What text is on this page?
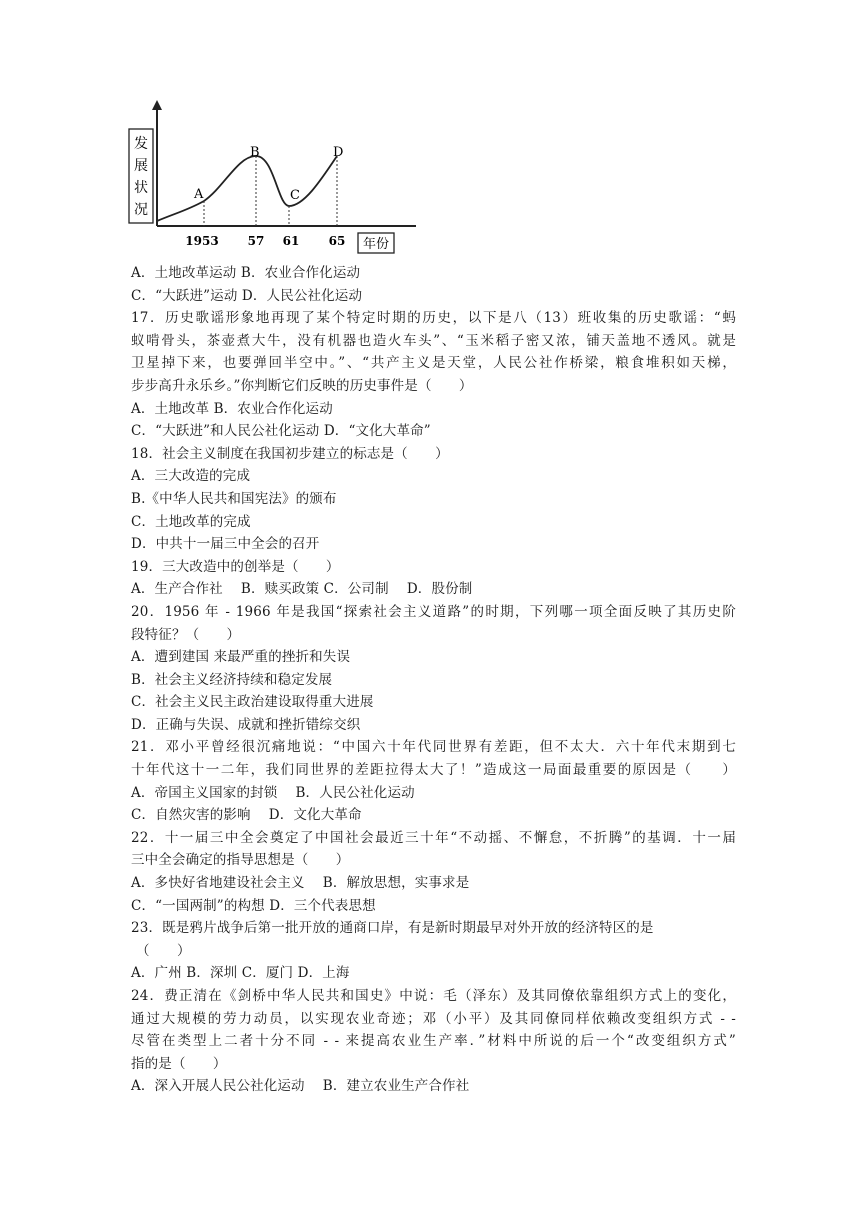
发
展
状
况
A
B
C
D
1953 57 61 65 年份
A．土地改革运动 B．农业合作化运动
C．“大跃进”运动 D．人民公社化运动
17．历史歌谣形象地再现了某个特定时期的历史，以下是八（13）班收集的历史歌谣：“蚂
蚁啃骨头，茶壶煮大牛，没有机器也造火车头”、“玉米稻子密又浓，铺天盖地不透风。就是
卫星掉下来，也要弹回半空中。”、“共产主义是天堂，人民公社作桥梁，粮食堆积如天梯，
步步高升永乐乡。”你判断它们反映的历史事件是（　　）
A．土地改革 B．农业合作化运动
C．“大跃进”和人民公社化运动 D．“文化大革命”
18．社会主义制度在我国初步建立的标志是（　　）
A．三大改造的完成
B.《中华人民共和国宪法》的颁布
C．土地改革的完成
D．中共十一届三中全会的召开
19．三大改造中的创举是（　　）
A．生产合作社　 B．赎买政策 C．公司制　 D．股份制
20．1956 年 - 1966 年是我国“探索社会主义道路”的时期，下列哪一项全面反映了其历史阶
段特征？（　　）
A．遭到建国 来最严重的挫折和失误
B．社会主义经济持续和稳定发展
C．社会主义民主政治建设取得重大进展
D．正确与失误、成就和挫折错综交织
21．邓小平曾经很沉痛地说：“中国六十年代同世界有差距，但不太大．六十年代末期到七
十年代这十一二年，我们同世界的差距拉得太大了！”造成这一局面最重要的原因是（　　）
A．帝国主义国家的封锁　 B．人民公社化运动
C．自然灾害的影响　 D．文化大革命
22．十一届三中全会奠定了中国社会最近三十年“不动摇、不懈怠，不折腾”的基调．十一届
三中全会确定的指导思想是（　　）
A．多快好省地建设社会主义　 B．解放思想，实事求是
C．“一国两制”的构想 D．三个代表思想
23．既是鸦片战争后第一批开放的通商口岸，有是新时期最早对外开放的经济特区的是
（　　）
A．广州 B．深圳 C．厦门 D．上海
24．费正清在《剑桥中华人民共和国史》中说：毛（泽东）及其同僚依靠组织方式上的变化，
通过大规模的劳力动员，以实现农业奇迹；邓（小平）及其同僚同样依赖改变组织方式 - -
尽管在类型上二者十分不同 - - 来提高农业生产率．”材料中所说的后一个“改变组织方式”
指的是（　　）
A．深入开展人民公社化运动　 B．建立农业生产合作社
